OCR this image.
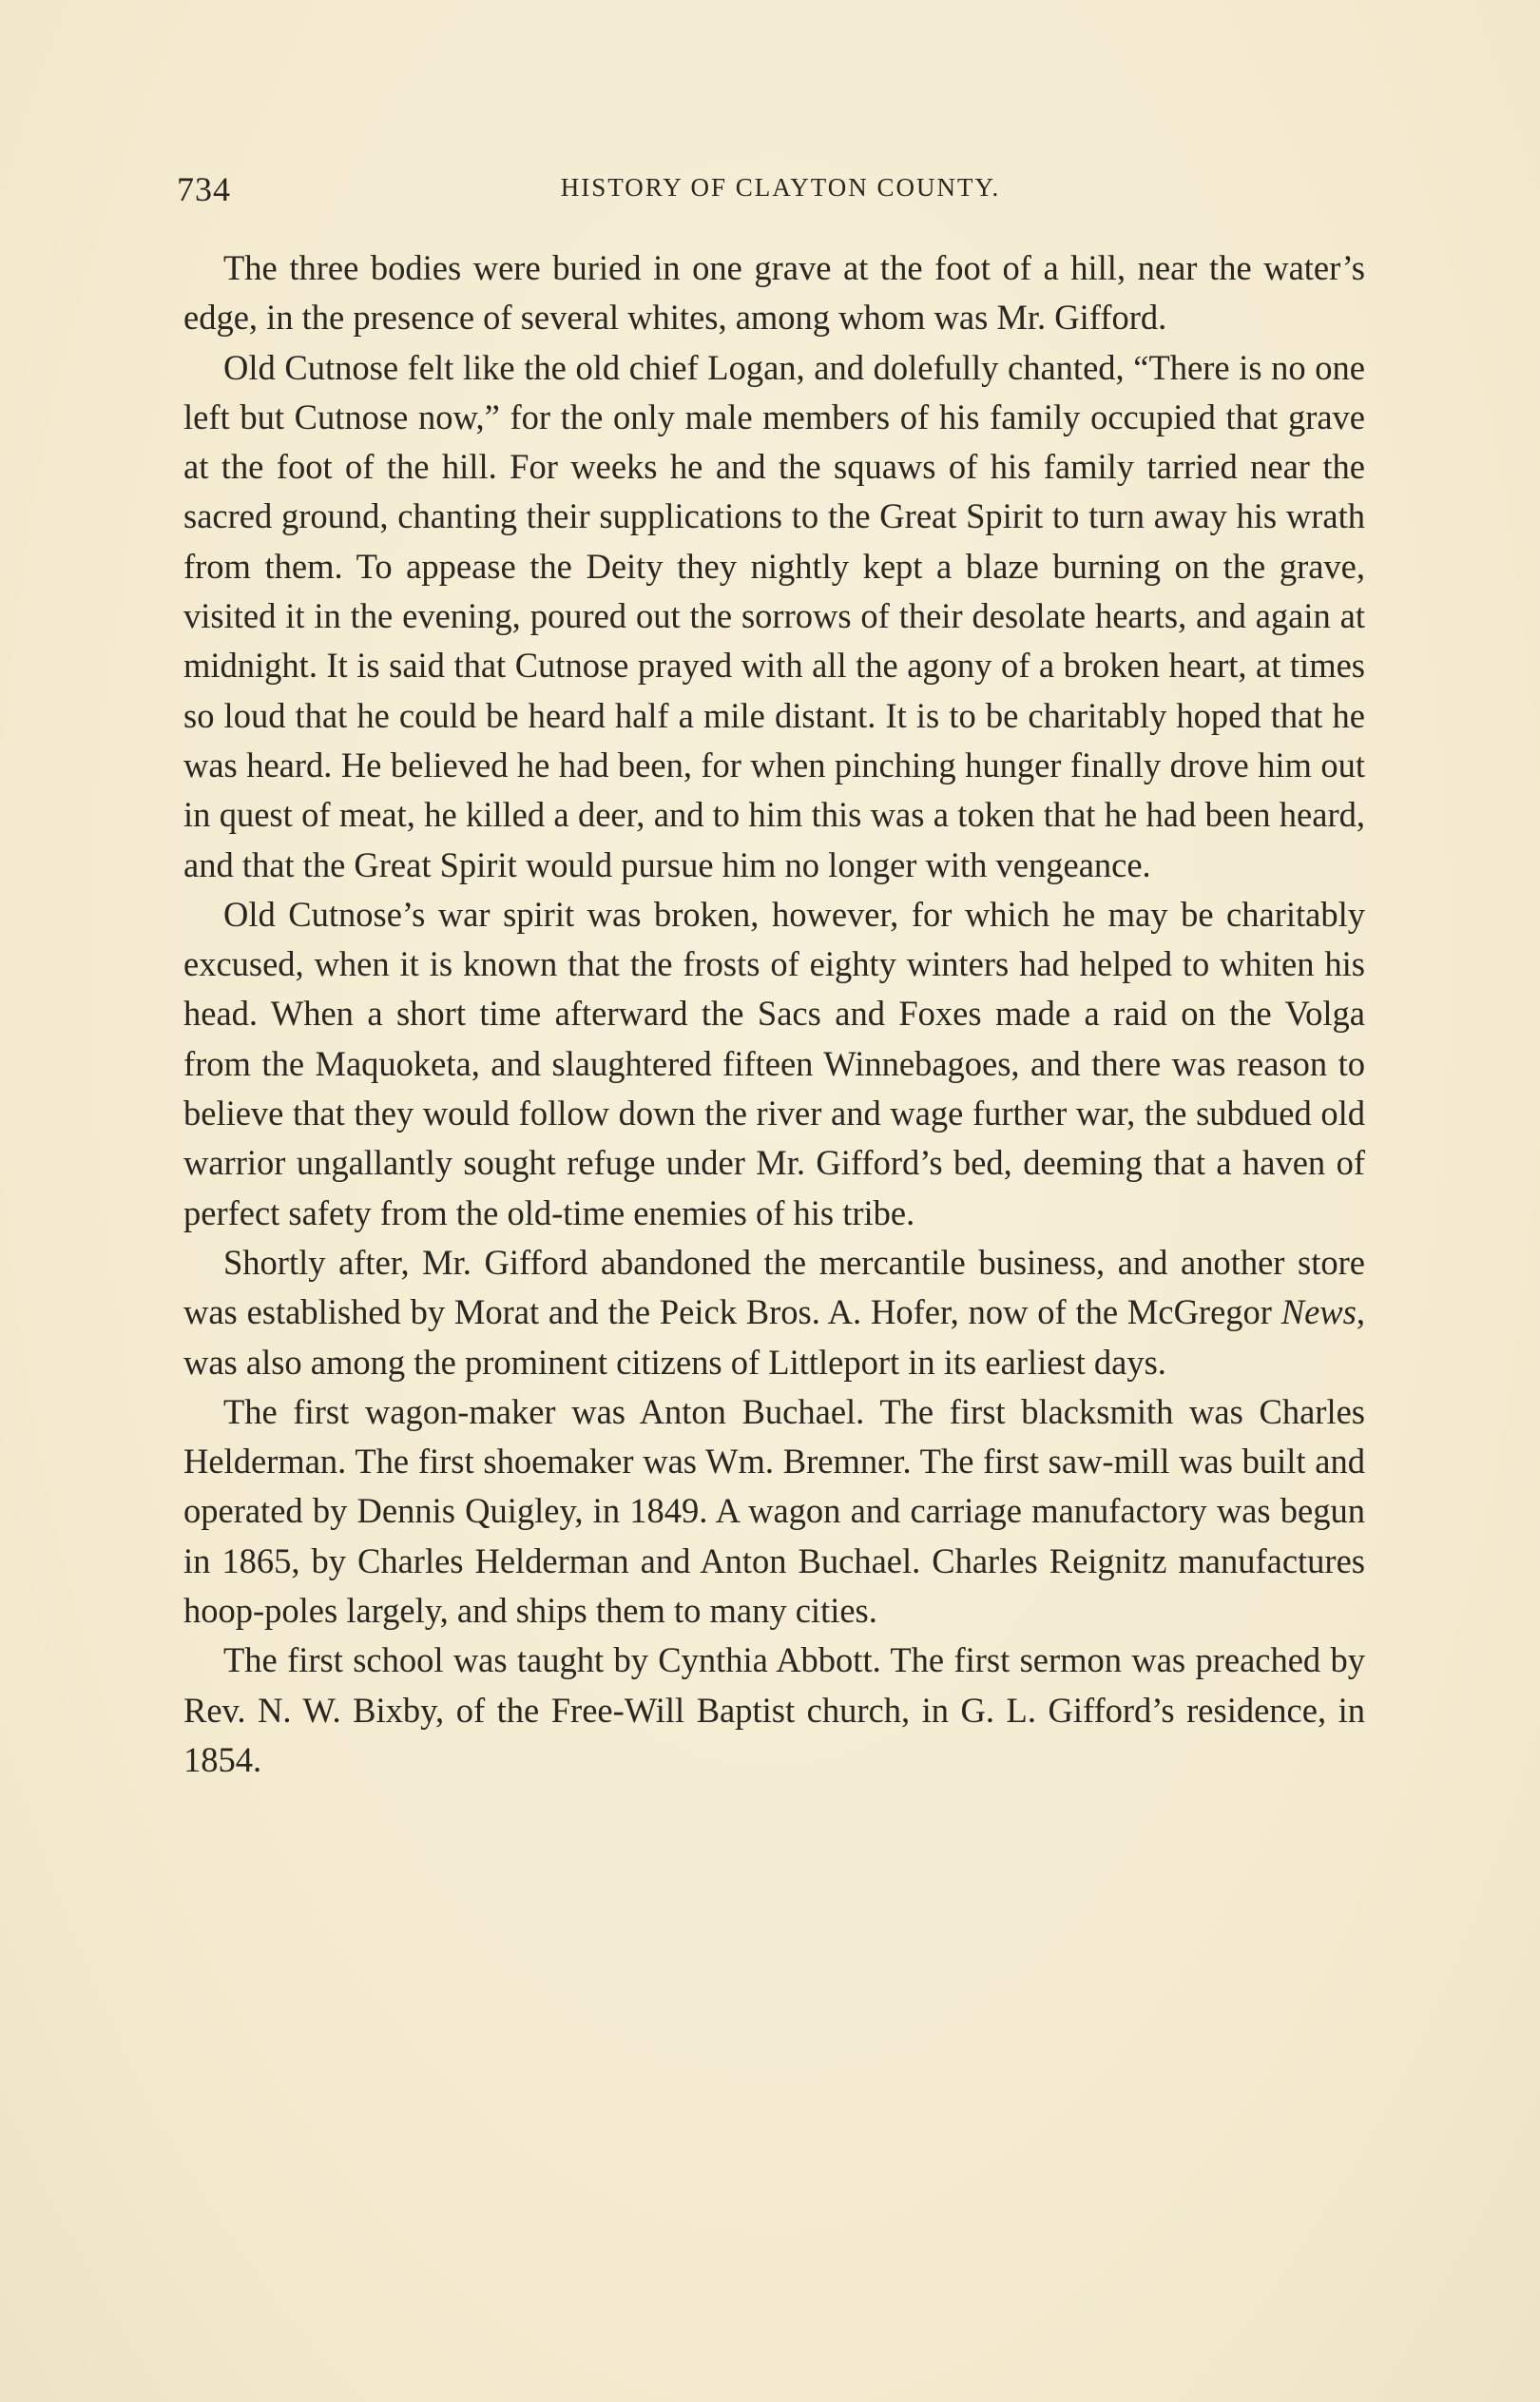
734	HISTORY OF CLAYTON COUNTY.

The three bodies were buried in one grave at the foot of a hill, near the water’s edge, in the presence of several whites, among whom was Mr. Gifford.

Old Cutnose felt like the old chief Logan, and dolefully chanted, “There is no one left but Cutnose now,” for the only male members of his family occupied that grave at the foot of the hill. For weeks he and the squaws of his family tarried near the sacred ground, chanting their supplications to the Great Spirit to turn away his wrath from them. To appease the Deity they nightly kept a blaze burning on the grave, visited it in the evening, poured out the sorrows of their desolate hearts, and again at midnight. It is said that Cutnose prayed with all the agony of a broken heart, at times so loud that he could be heard half a mile distant. It is to be charitably hoped that he was heard. He believed he had been, for when pinching hunger finally drove him out in quest of meat, he killed a deer, and to him this was a token that he had been heard, and that the Great Spirit would pursue him no longer with vengeance.

Old Cutnose’s war spirit was broken, however, for which he may be charitably excused, when it is known that the frosts of eighty winters had helped to whiten his head. When a short time afterward the Sacs and Foxes made a raid on the Volga from the Maquoketa, and slaughtered fifteen Winnebagoes, and there was reason to believe that they would follow down the river and wage further war, the subdued old warrior ungallantly sought refuge under Mr. Gifford’s bed, deeming that a haven of perfect safety from the old-time enemies of his tribe.

Shortly after, Mr. Gifford abandoned the mercantile business, and another store was established by Morat and the Peick Bros. A. Hofer, now of the McGregor News, was also among the prominent citizens of Littleport in its earliest days.

The first wagon-maker was Anton Buchael. The first blacksmith was Charles Helderman. The first shoemaker was Wm. Bremner. The first saw-mill was built and operated by Dennis Quigley, in 1849. A wagon and carriage manufactory was begun in 1865, by Charles Helderman and Anton Buchael. Charles Reignitz manufactures hoop-poles largely, and ships them to many cities.

The first school was taught by Cynthia Abbott. The first sermon was preached by Rev. N. W. Bixby, of the Free-Will Baptist church, in G. L. Gifford’s residence, in 1854.
